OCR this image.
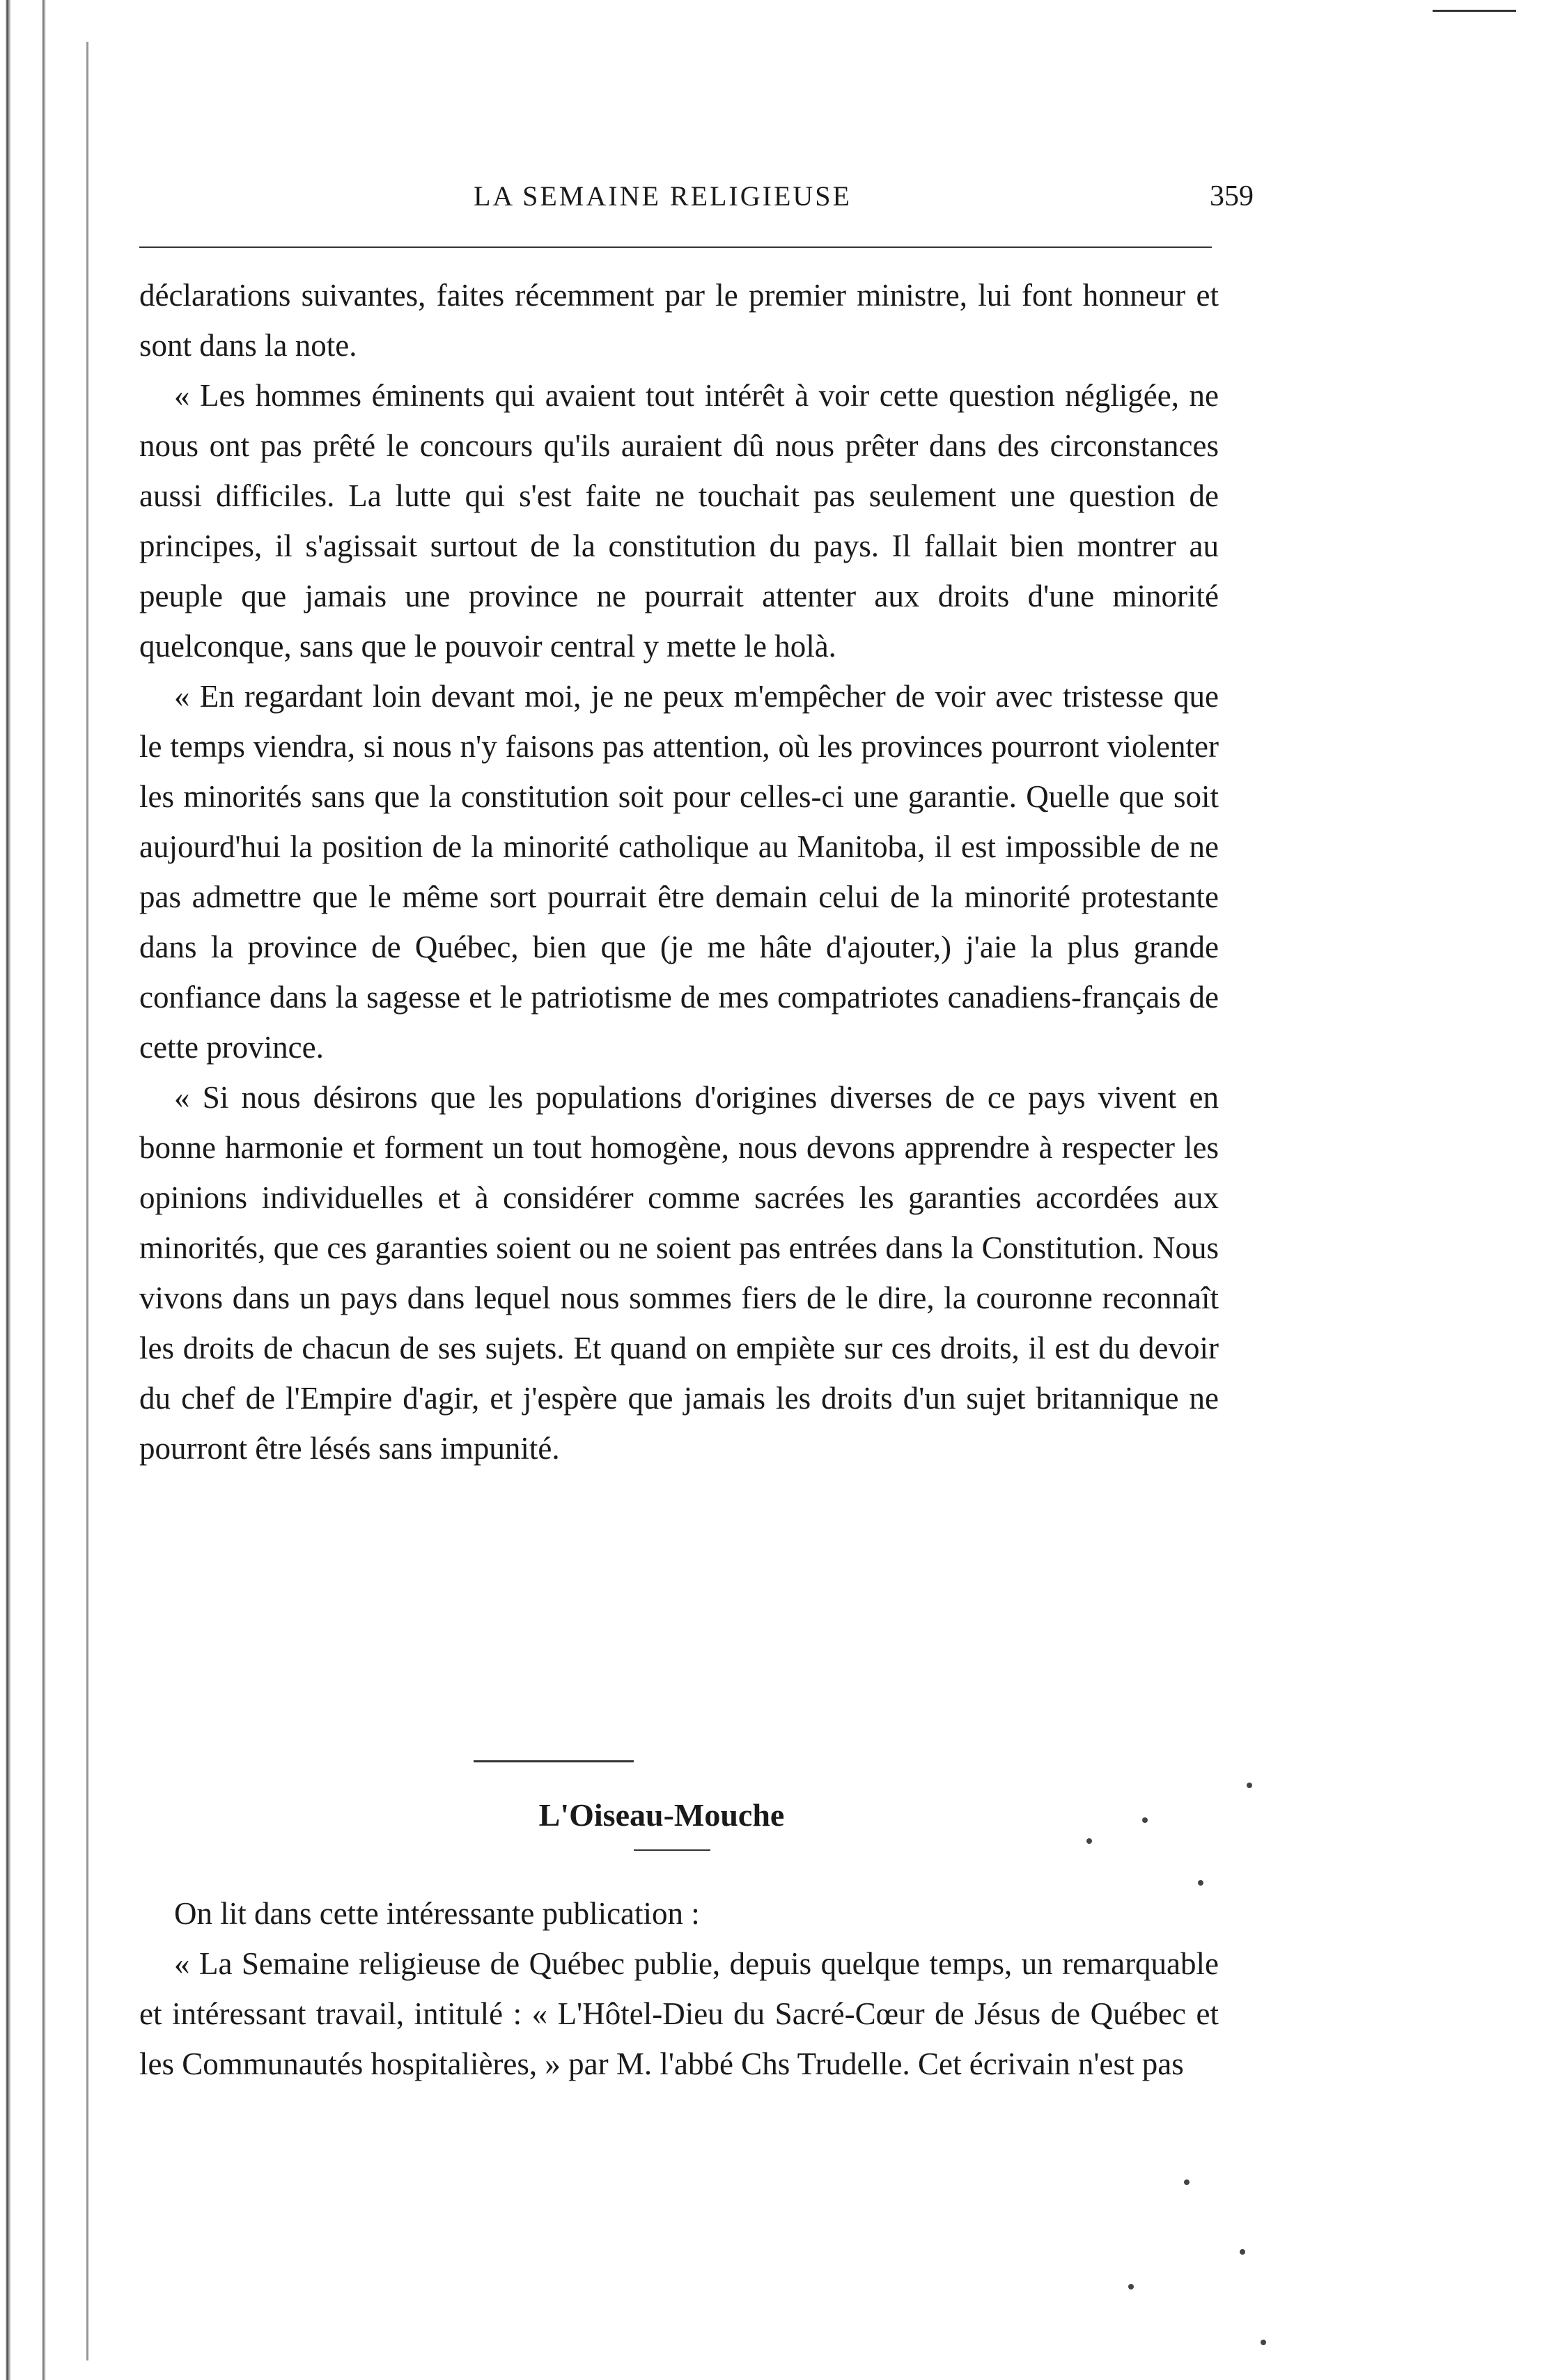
LA SEMAINE RELIGIEUSE	359

déclarations suivantes, faites récemment par le premier ministre, lui font honneur et sont dans la note.

« Les hommes éminents qui avaient tout intérêt à voir cette question négligée, ne nous ont pas prêté le concours qu'ils auraient dû nous prêter dans des circonstances aussi difficiles. La lutte qui s'est faite ne touchait pas seulement une question de principes, il s'agissait surtout de la constitution du pays. Il fallait bien montrer au peuple que jamais une province ne pourrait attenter aux droits d'une minorité quelconque, sans que le pouvoir central y mette le holà.

« En regardant loin devant moi, je ne peux m'empêcher de voir avec tristesse que le temps viendra, si nous n'y faisons pas attention, où les provinces pourront violenter les minorités sans que la constitution soit pour celles-ci une garantie. Quelle que soit aujourd'hui la position de la minorité catholique au Manitoba, il est impossible de ne pas admettre que le même sort pourrait être demain celui de la minorité protestante dans la province de Québec, bien que (je me hâte d'ajouter,) j'aie la plus grande confiance dans la sagesse et le patriotisme de mes compatriotes canadiens-français de cette province.

« Si nous désirons que les populations d'origines diverses de ce pays vivent en bonne harmonie et forment un tout homogène, nous devons apprendre à respecter les opinions individuelles et à considérer comme sacrées les garanties accordées aux minorités, que ces garanties soient ou ne soient pas entrées dans la Constitution. Nous vivons dans un pays dans lequel nous sommes fiers de le dire, la couronne reconnaît les droits de chacun de ses sujets. Et quand on empiète sur ces droits, il est du devoir du chef de l'Empire d'agir, et j'espère que jamais les droits d'un sujet britannique ne pourront être lésés sans impunité.

L'Oiseau-Mouche

On lit dans cette intéressante publication :

« La Semaine religieuse de Québec publie, depuis quelque temps, un remarquable et intéressant travail, intitulé : « L'Hôtel-Dieu du Sacré-Cœur de Jésus de Québec et les Communautés hospitalières, » par M. l'abbé Chs Trudelle. Cet écrivain n'est pas
